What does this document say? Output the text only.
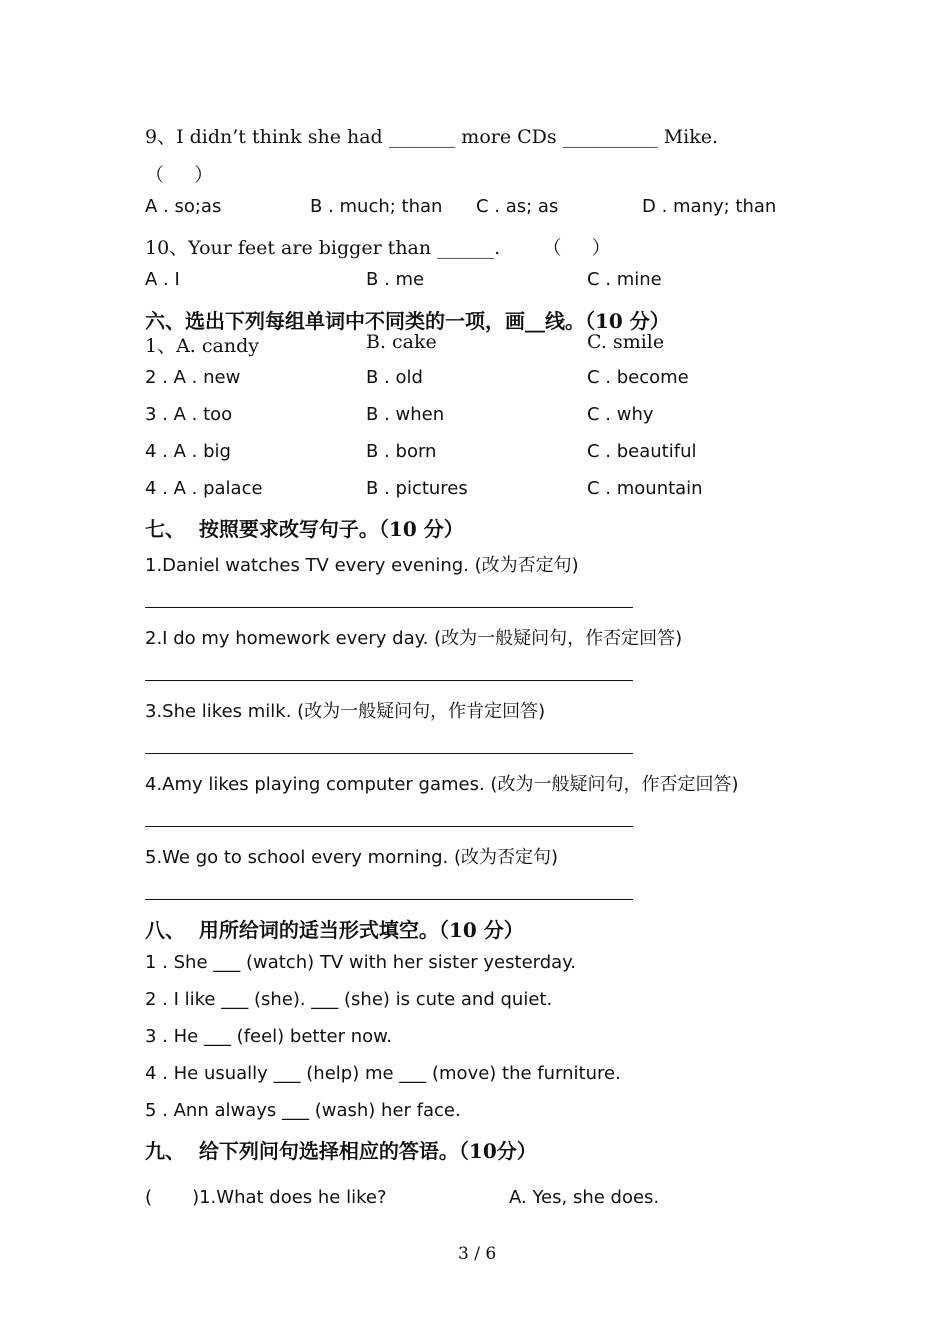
9、I didn’t think she had _______ more CDs __________ Mike.
（     ）
A . so;as	B . much; than C . as; as	D . many; than
10、Your feet are bigger than ______.       （     ）
A . I	B . me	C . mine
六、选出下列每组单词中不同类的一项，画__线。（10 分）
1、A. candy	B. cake	C. smile
2 . A . new	B . old	C . become
3 . A . too	B . when	C . why
4 . A . big	B . born	C . beautiful
4 . A . palace	B . pictures	C . mountain
七、  按照要求改写句子。（10 分）
1.Daniel watches TV every evening. (改为否定句)
2.I do my homework every day. (改为一般疑问句，作否定回答)
3.She likes milk. (改为一般疑问句，作肯定回答)
4.Amy likes playing computer games. (改为一般疑问句，作否定回答)
5.We go to school every morning. (改为否定句)
八、  用所给词的适当形式填空。（10 分）
1 . She ___ (watch) TV with her sister yesterday.
2 . I like ___ (she). ___ (she) is cute and quiet.
3 . He ___ (feel) better now.
4 . He usually ___ (help) me ___ (move) the furniture.
5 . Ann always ___ (wash) her face.
九、  给下列问句选择相应的答语。（10分）
(       )1.What does he like?	A. Yes, she does.
3 / 6
